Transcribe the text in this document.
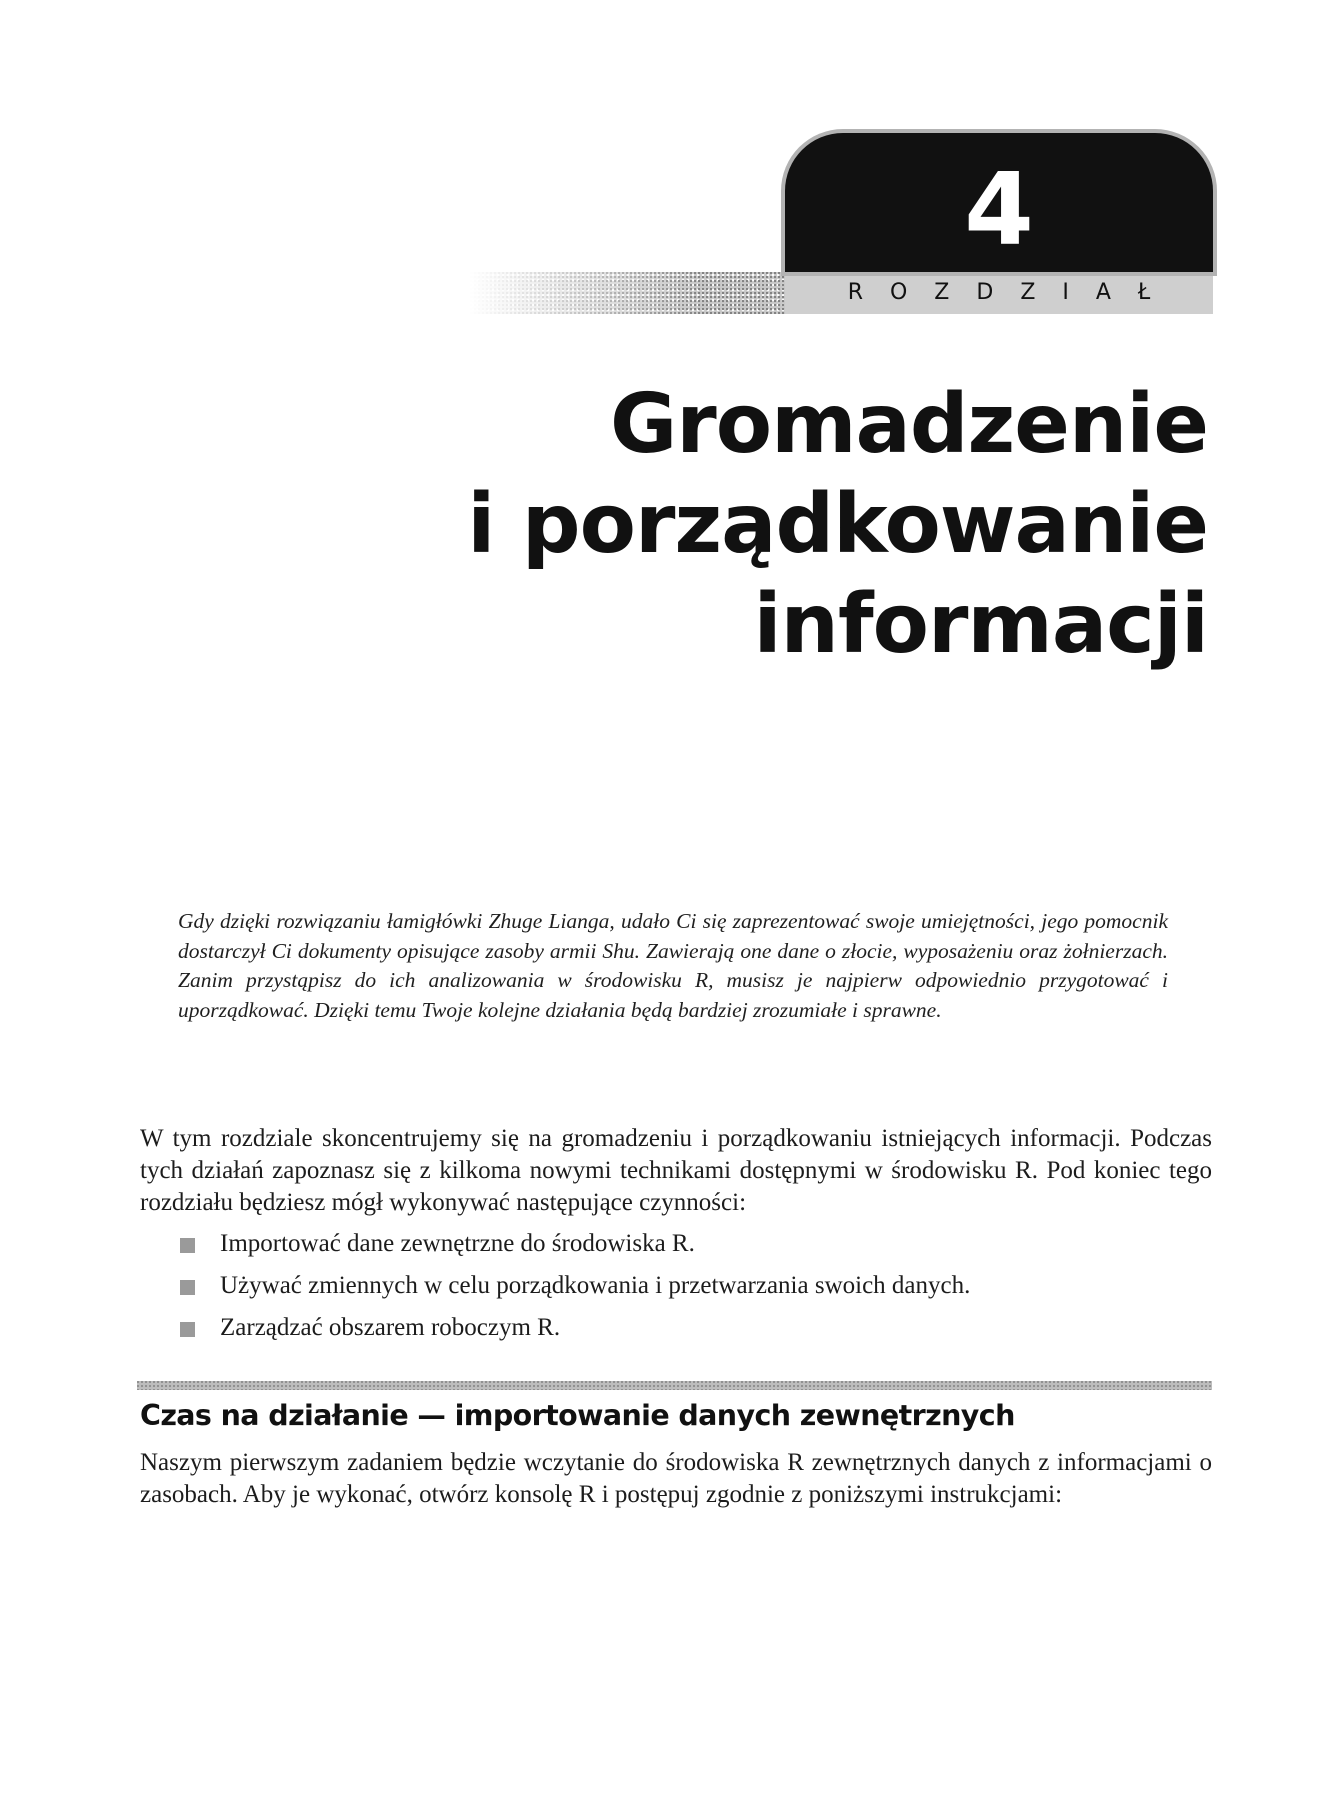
4
ROZDZIAŁ
Gromadzenie
i porządkowanie
informacji

Gdy dzięki rozwiązaniu łamigłówki Zhuge Lianga, udało Ci się zaprezentować swoje umiejętności, jego pomocnik dostarczył Ci dokumenty opisujące zasoby armii Shu. Zawierają one dane o złocie, wyposażeniu oraz żołnierzach. Zanim przystąpisz do ich analizowania w środowisku R, musisz je najpierw odpowiednio przygotować i uporządkować. Dzięki temu Twoje kolejne działania będą bardziej zrozumiałe i sprawne.

W tym rozdziale skoncentrujemy się na gromadzeniu i porządkowaniu istniejących informacji. Podczas tych działań zapoznasz się z kilkoma nowymi technikami dostępnymi w środowisku R. Pod koniec tego rozdziału będziesz mógł wykonywać następujące czynności:

Importować dane zewnętrzne do środowiska R.
Używać zmiennych w celu porządkowania i przetwarzania swoich danych.
Zarządzać obszarem roboczym R.
Czas na działanie — importowanie danych zewnętrznych

Naszym pierwszym zadaniem będzie wczytanie do środowiska R zewnętrznych danych z informacjami o zasobach. Aby je wykonać, otwórz konsolę R i postępuj zgodnie z poniższymi instrukcjami:
